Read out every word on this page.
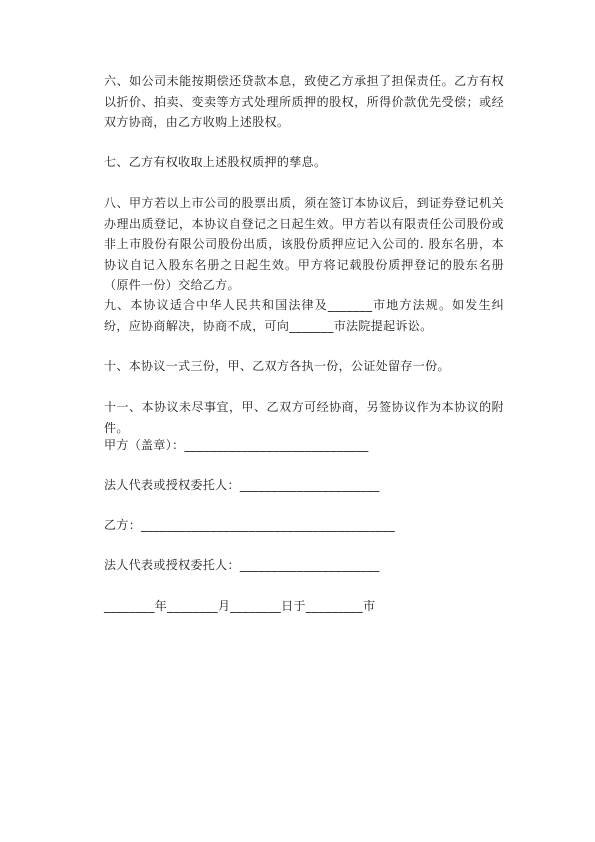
六、如公司未能按期偿还贷款本息，致使乙方承担了担保责任。乙方有权以折价、拍卖、变卖等方式处理所质押的股权，所得价款优先受偿；或经双方协商，由乙方收购上述股权。

七、乙方有权收取上述股权质押的孳息。

八、甲方若以上市公司的股票出质，须在签订本协议后，到证券登记机关办理出质登记，本协议自登记之日起生效。甲方若以有限责任公司股份或非上市股份有限公司股份出质，该股份质押应记入公司的. 股东名册，本协议自记入股东名册之日起生效。甲方将记载股份质押登记的股东名册（原件一份）交给乙方。

九、本协议适合中华人民共和国法律及_______市地方法规。如发生纠纷，应协商解决，协商不成，可向_______市法院提起诉讼。

十、本协议一式三份，甲、乙双方各执一份，公证处留存一份。

十一、本协议未尽事宜，甲、乙双方可经协商，另签协议作为本协议的附件。

甲方（盖章）：_____________________________
法人代表或授权委托人：______________________
乙方：________________________________________
法人代表或授权委托人：______________________
________年________月________日于_________市
